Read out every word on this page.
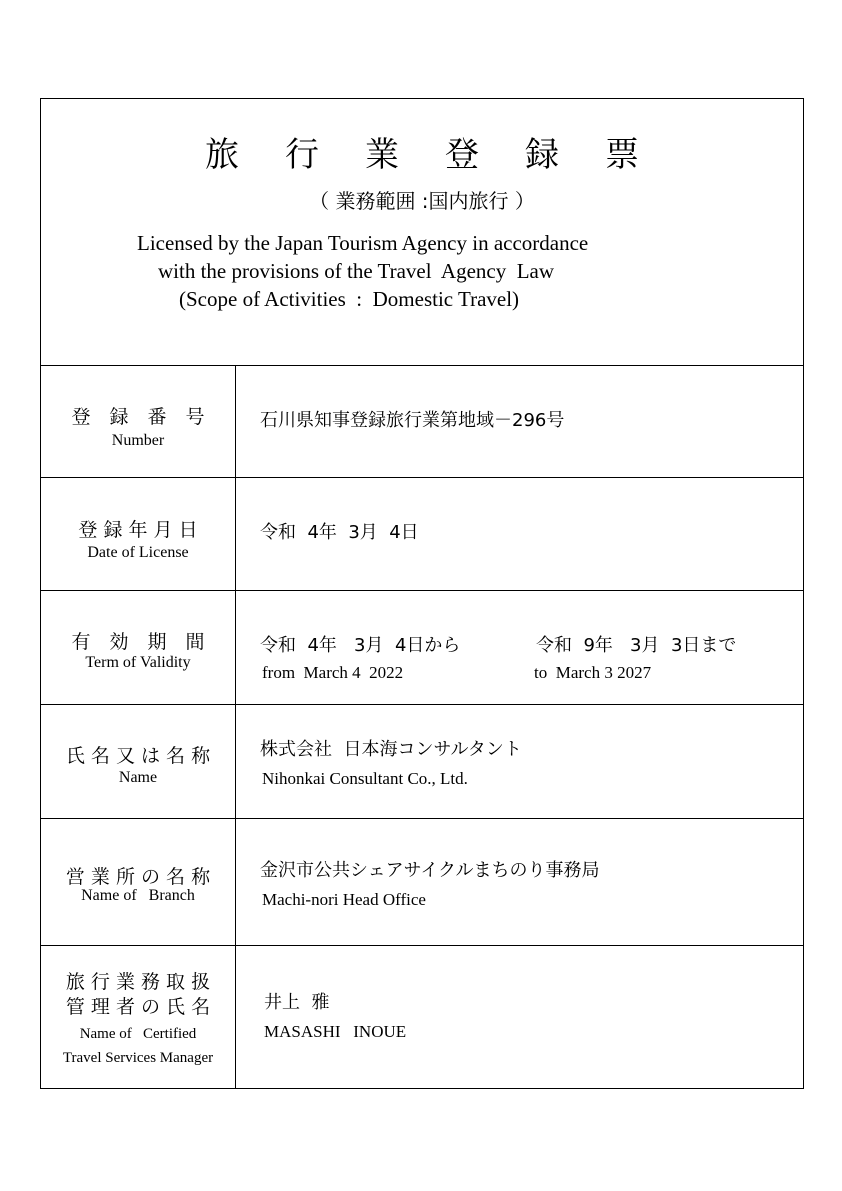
旅行業登録票
（ 業務範囲 :国内旅行 ）
Licensed by the Japan Tourism Agency in accordance
with the provisions of the Travel  Agency  Law
(Scope of Activities  :  Domestic Travel)
登　録　番　号
Number
石川県知事登録旅行業第地域－296号
登 録 年 月 日
Date of License
令和  4年  3月  4日
有　効　期　間
Term of Validity
令和  4年   3月  4日から	令和  9年   3月  3日まで
from  March 4  2022	to  March 3 2027
氏 名 又 は 名 称
Name
株式会社  日本海コンサルタント
Nihonkai Consultant Co., Ltd.
営 業 所 の 名 称
Name of   Branch
金沢市公共シェアサイクルまちのり事務局
Machi-nori Head Office
旅 行 業 務 取 扱
管 理 者 の 氏 名
Name of   Certified
Travel Services Manager
井上  雅
MASASHI   INOUE
